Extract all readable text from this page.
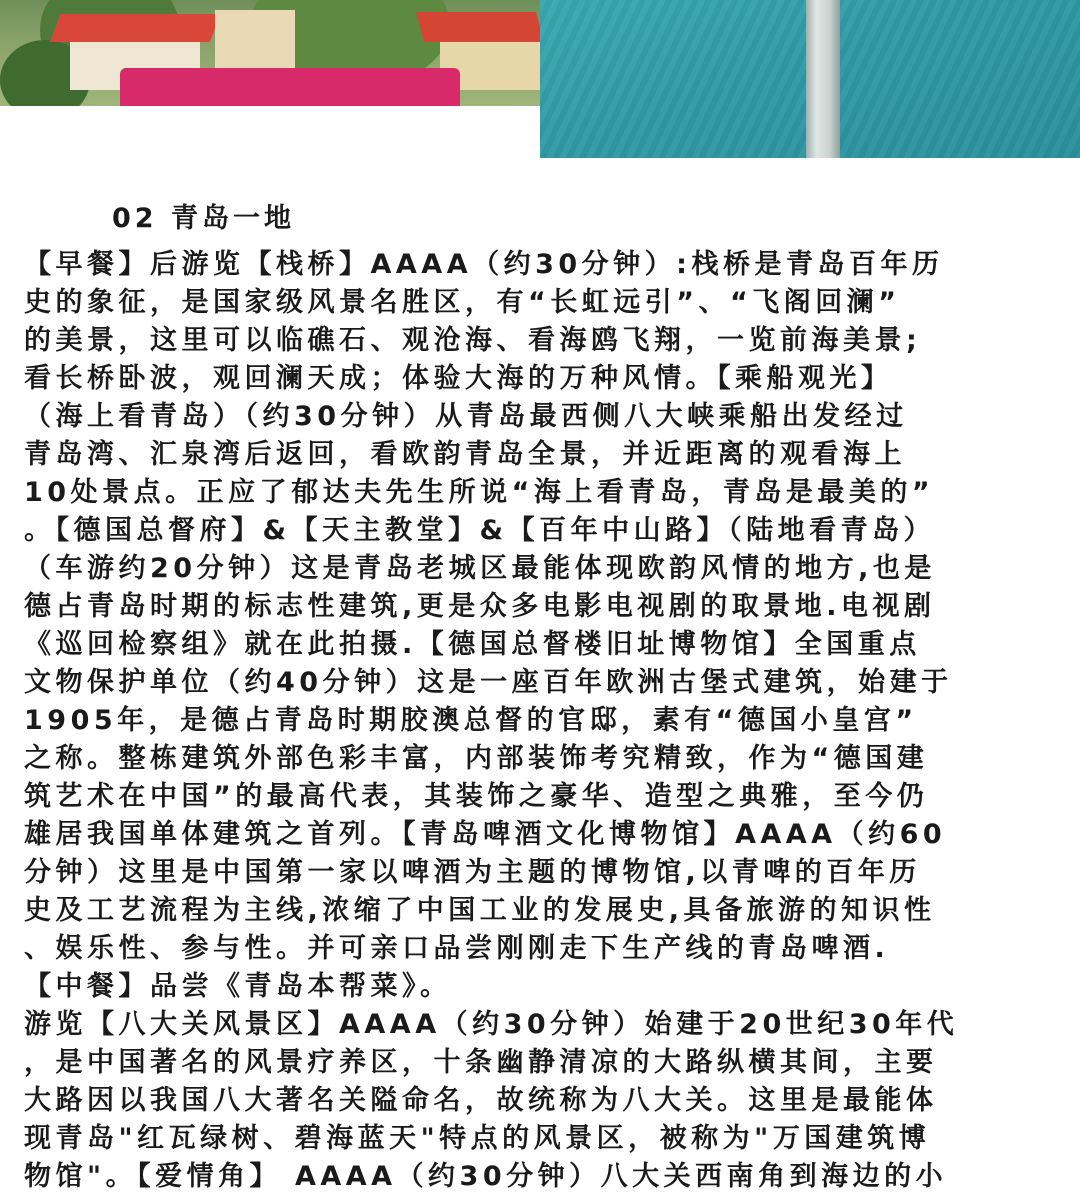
02 青岛一地

【早餐】后游览【栈桥】AAAA（约30分钟）:栈桥是青岛百年历
史的象征，是国家级风景名胜区，有“长虹远引”、“飞阁回澜”
的美景，这里可以临礁石、观沧海、看海鸥飞翔，一览前海美景;
看长桥卧波，观回澜天成；体验大海的万种风情。【乘船观光】
（海上看青岛）（约30分钟）从青岛最西侧八大峡乘船出发经过
青岛湾、汇泉湾后返回，看欧韵青岛全景，并近距离的观看海上
10处景点。正应了郁达夫先生所说“海上看青岛，青岛是最美的”
。【德国总督府】&【天主教堂】&【百年中山路】（陆地看青岛）
（车游约20分钟）这是青岛老城区最能体现欧韵风情的地方,也是
德占青岛时期的标志性建筑,更是众多电影电视剧的取景地.电视剧
《巡回检察组》就在此拍摄.【德国总督楼旧址博物馆】全国重点
文物保护单位（约40分钟）这是一座百年欧洲古堡式建筑，始建于
1905年，是德占青岛时期胶澳总督的官邸，素有“德国小皇宫”
之称。整栋建筑外部色彩丰富，内部装饰考究精致，作为“德国建
筑艺术在中国”的最高代表，其装饰之豪华、造型之典雅，至今仍
雄居我国单体建筑之首列。【青岛啤酒文化博物馆】AAAA（约60
分钟）这里是中国第一家以啤酒为主题的博物馆,以青啤的百年历
史及工艺流程为主线,浓缩了中国工业的发展史,具备旅游的知识性
、娱乐性、参与性。并可亲口品尝刚刚走下生产线的青岛啤酒.
【中餐】品尝《青岛本帮菜》。
游览【八大关风景区】AAAA（约30分钟）始建于20世纪30年代
，是中国著名的风景疗养区，十条幽静清凉的大路纵横其间，主要
大路因以我国八大著名关隘命名，故统称为八大关。这里是最能体
现青岛"红瓦绿树、碧海蓝天"特点的风景区，被称为"万国建筑博
物馆"。【爱情角】 AAAA（约30分钟）八大关西南角到海边的小
